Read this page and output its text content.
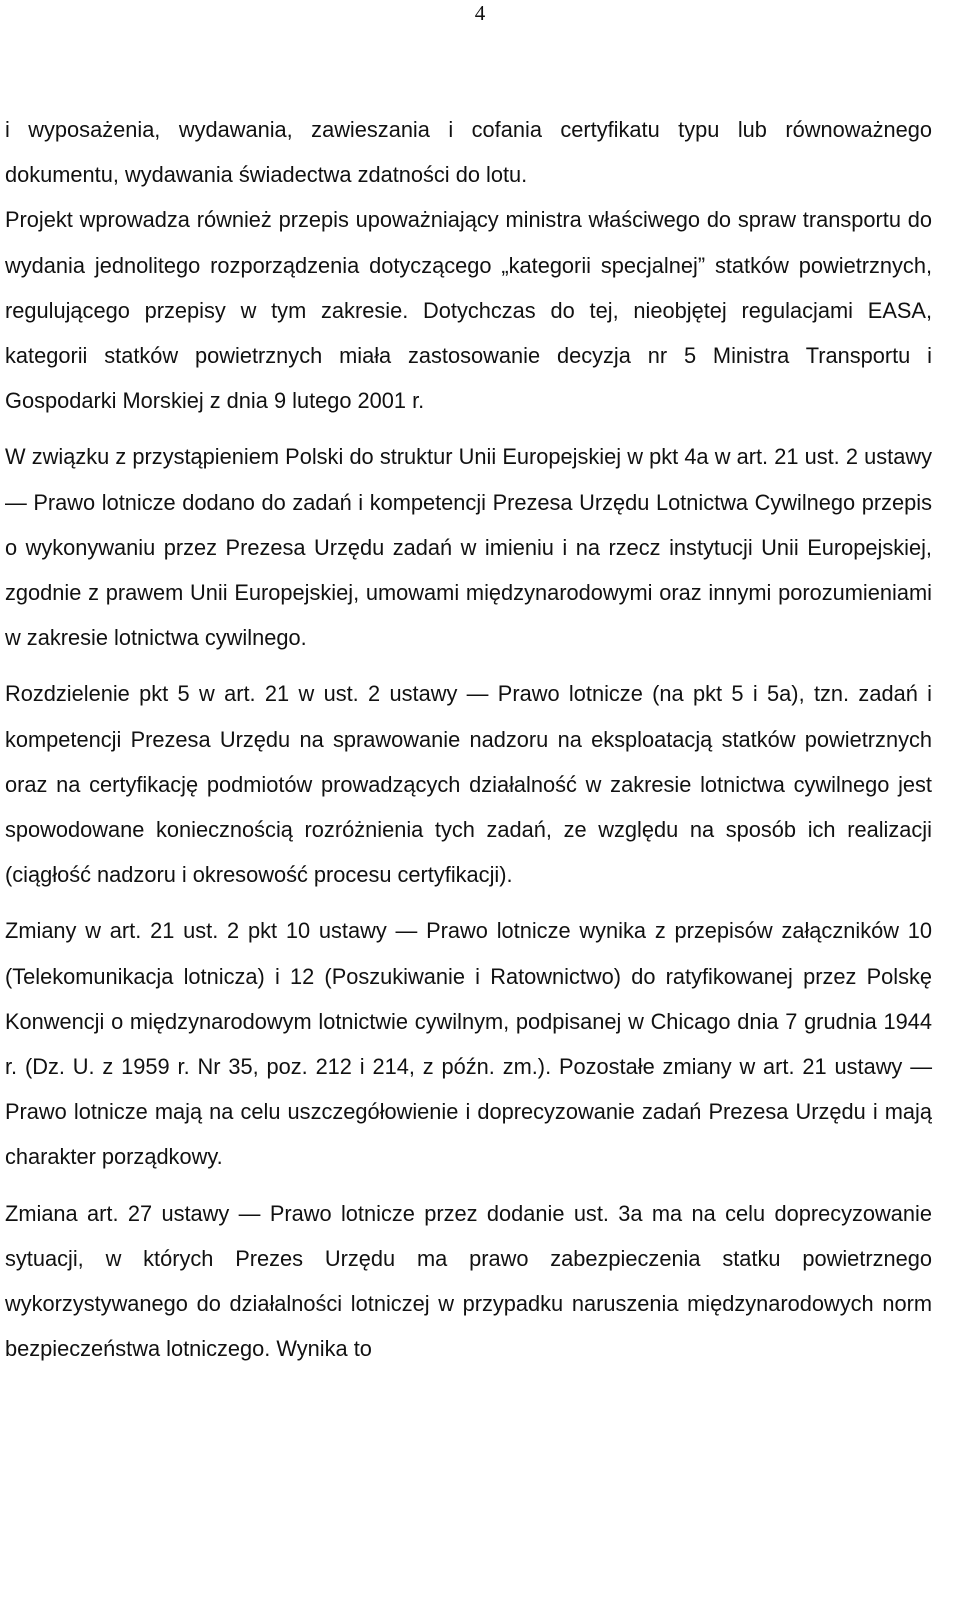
4

i wyposażenia, wydawania, zawieszania i cofania certyfikatu typu lub równoważnego dokumentu, wydawania świadectwa zdatności do lotu.

Projekt wprowadza również przepis upoważniający ministra właściwego do spraw transportu do wydania jednolitego rozporządzenia dotyczącego „kategorii specjalnej” statków powietrznych, regulującego przepisy w tym zakresie. Dotychczas do tej, nieobjętej regulacjami EASA, kategorii statków powietrznych miała zastosowanie decyzja nr 5 Ministra Transportu i Gospodarki Morskiej z dnia 9 lutego 2001 r.

W związku z przystąpieniem Polski do struktur Unii Europejskiej w pkt 4a w art. 21 ust. 2 ustawy — Prawo lotnicze dodano do zadań i kompetencji Prezesa Urzędu Lotnictwa Cywilnego przepis o wykonywaniu przez Prezesa Urzędu zadań w imieniu i na rzecz instytucji Unii Europejskiej, zgodnie z prawem Unii Europejskiej, umowami międzynarodowymi oraz innymi porozumieniami w zakresie lotnictwa cywilnego.

Rozdzielenie pkt 5 w art. 21 w ust. 2 ustawy — Prawo lotnicze (na pkt 5 i 5a), tzn. zadań i kompetencji Prezesa Urzędu na sprawowanie nadzoru na eksploatacją statków powietrznych oraz na certyfikację podmiotów prowadzących działalność w zakresie lotnictwa cywilnego jest spowodowane koniecznością rozróżnienia tych zadań, ze względu na sposób ich realizacji (ciągłość nadzoru i okresowość procesu certyfikacji).

Zmiany w art. 21 ust. 2 pkt 10 ustawy — Prawo lotnicze wynika z przepisów załączników 10 (Telekomunikacja lotnicza) i 12 (Poszukiwanie i Ratownictwo) do ratyfikowanej przez Polskę Konwencji o międzynarodowym lotnictwie cywilnym, podpisanej w Chicago dnia 7 grudnia 1944 r. (Dz. U. z 1959 r. Nr 35, poz. 212 i 214, z późn. zm.). Pozostałe zmiany w art. 21 ustawy — Prawo lotnicze mają na celu uszczegółowienie i doprecyzowanie zadań Prezesa Urzędu i mają charakter porządkowy.

Zmiana art. 27 ustawy — Prawo lotnicze przez dodanie ust. 3a ma na celu doprecyzowanie sytuacji, w których Prezes Urzędu ma prawo zabezpieczenia statku powietrznego wykorzystywanego do działalności lotniczej w przypadku naruszenia międzynarodowych norm bezpieczeństwa lotniczego. Wynika to
